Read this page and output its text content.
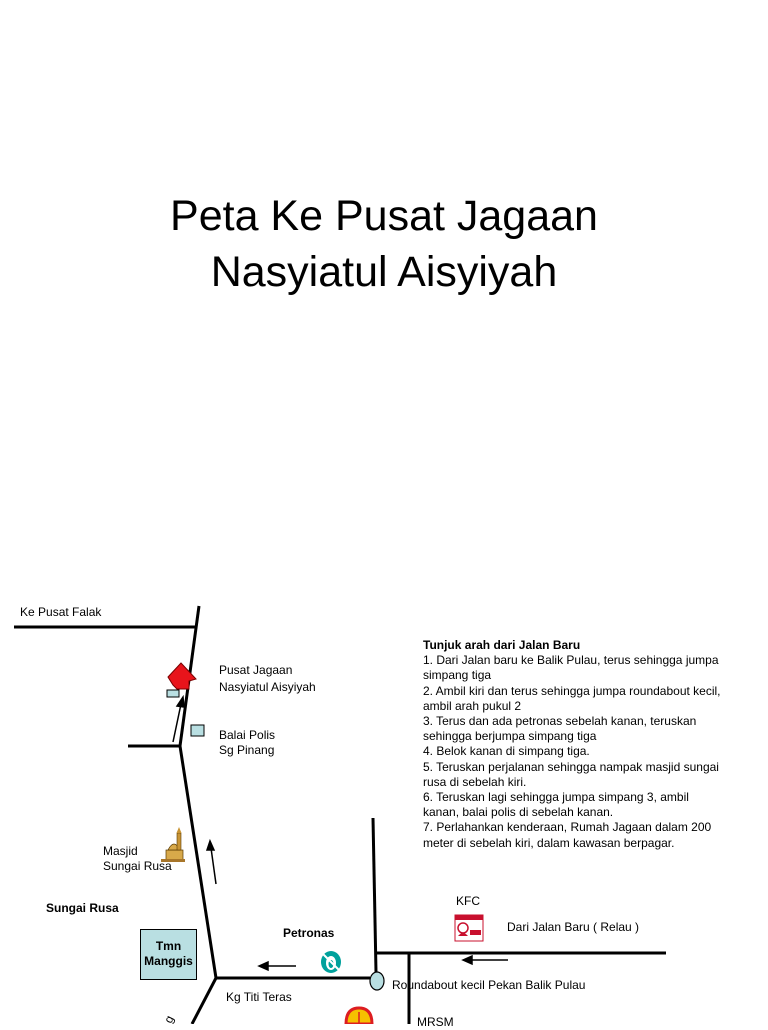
Peta Ke Pusat Jagaan
Nasyiatul Aisyiyah
Ke Pusat Falak
Pusat Jagaan
Nasyiatul Aisyiyah
Balai Polis
Sg Pinang
Masjid
Sungai Rusa
Sungai Rusa
Tmn
Manggis
Petronas
KFC
Dari Jalan Baru ( Relau )
Kg Titi Teras
Roundabout kecil Pekan Balik Pulau
MRSM
g
Tunjuk arah dari Jalan Baru
1. Dari Jalan baru ke Balik Pulau, terus sehingga jumpa simpang tiga
2. Ambil kiri dan terus sehingga jumpa roundabout kecil, ambil arah pukul 2
3. Terus dan ada petronas sebelah kanan, teruskan sehingga berjumpa simpang tiga
4. Belok kanan di simpang tiga.
5. Teruskan perjalanan sehingga nampak masjid sungai rusa di sebelah kiri.
6. Teruskan lagi sehingga jumpa simpang 3, ambil kanan, balai polis di sebelah kanan.
7. Perlahankan kenderaan, Rumah Jagaan dalam 200 meter di sebelah kiri, dalam kawasan berpagar.
